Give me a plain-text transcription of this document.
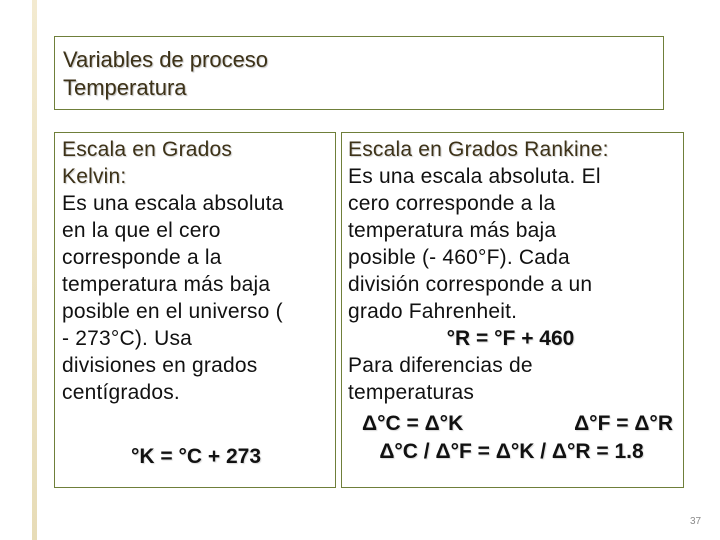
Variables de proceso
Temperatura
Escala en Grados
Kelvin:
Es una escala absoluta
en la que el cero
corresponde a la
temperatura más baja
posible en el universo (
- 273°C). Usa
divisiones en grados
centígrados.
°K = °C + 273
Escala en Grados Rankine:
Es una escala absoluta. El
cero corresponde a la
temperatura más baja
posible (- 460°F). Cada
división corresponde a un
grado Fahrenheit.
°R = °F + 460
Para diferencias de
temperaturas
Δ°C = Δ°K	Δ°F = Δ°R
Δ°C / Δ°F = Δ°K / Δ°R = 1.8
37
